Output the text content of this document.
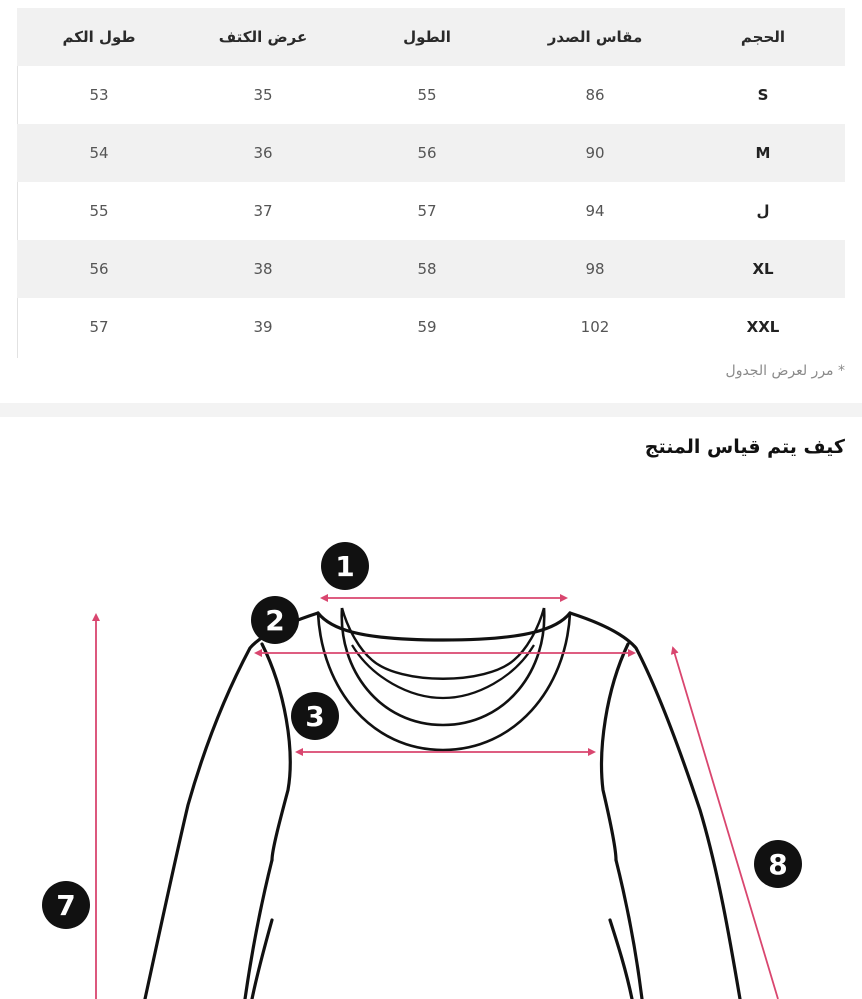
طول الكم	عرض الكتف	الطول	مقاس الصدر	الحجم
53	35	55	86	S
54	36	56	90	M
55	37	57	94	ل
56	38	58	98	XL
57	39	59	102	XXL
* مرر لعرض الجدول
كيف يتم قياس المنتج
1
2
3
7
8
